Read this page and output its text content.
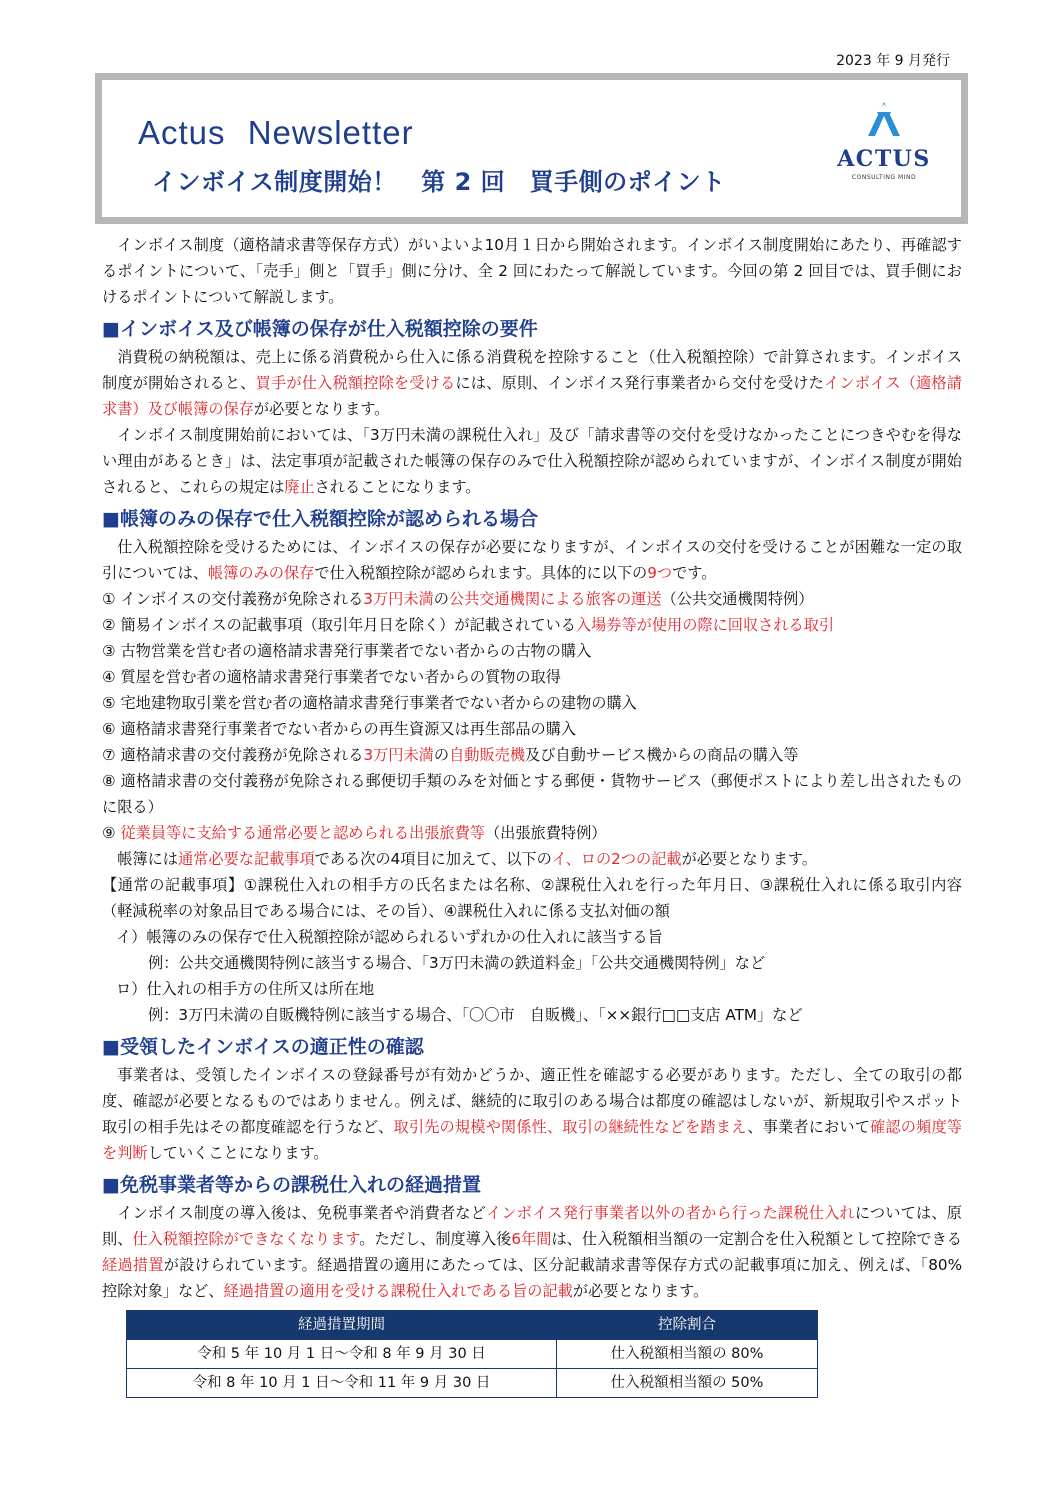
2023 年 9 月発行
Actus Newsletter
インボイス制度開始！　第 2 回　買手側のポイント
ACTUS
CONSULTING MIND

インボイス制度（適格請求書等保存方式）がいよいよ10月１日から開始されます。インボイス制度開始にあたり、再確認するポイントについて、「売手」側と「買手」側に分け、全 2 回にわたって解説しています。今回の第 2 回目では、買手側におけるポイントについて解説します。

■インボイス及び帳簿の保存が仕入税額控除の要件

消費税の納税額は、売上に係る消費税から仕入に係る消費税を控除すること（仕入税額控除）で計算されます。インボイス制度が開始されると、買手が仕入税額控除を受けるには、原則、インボイス発行事業者から交付を受けたインボイス（適格請求書）及び帳簿の保存が必要となります。

インボイス制度開始前においては、「3万円未満の課税仕入れ」及び「請求書等の交付を受けなかったことにつきやむを得ない理由があるとき」は、法定事項が記載された帳簿の保存のみで仕入税額控除が認められていますが、インボイス制度が開始されると、これらの規定は廃止されることになります。

■帳簿のみの保存で仕入税額控除が認められる場合

仕入税額控除を受けるためには、インボイスの保存が必要になりますが、インボイスの交付を受けることが困難な一定の取引については、帳簿のみの保存で仕入税額控除が認められます。具体的に以下の9つです。

① インボイスの交付義務が免除される3万円未満の公共交通機関による旅客の運送（公共交通機関特例）

② 簡易インボイスの記載事項（取引年月日を除く）が記載されている入場券等が使用の際に回収される取引

③ 古物営業を営む者の適格請求書発行事業者でない者からの古物の購入

④ 質屋を営む者の適格請求書発行事業者でない者からの質物の取得

⑤ 宅地建物取引業を営む者の適格請求書発行事業者でない者からの建物の購入

⑥ 適格請求書発行事業者でない者からの再生資源又は再生部品の購入

⑦ 適格請求書の交付義務が免除される3万円未満の自動販売機及び自動サービス機からの商品の購入等

⑧ 適格請求書の交付義務が免除される郵便切手類のみを対価とする郵便・貨物サービス（郵便ポストにより差し出されたものに限る）

⑨ 従業員等に支給する通常必要と認められる出張旅費等（出張旅費特例）

帳簿には通常必要な記載事項である次の4項目に加えて、以下のイ、ロの2つの記載が必要となります。

【通常の記載事項】①課税仕入れの相手方の氏名または名称、②課税仕入れを行った年月日、③課税仕入れに係る取引内容（軽減税率の対象品目である場合には、その旨）、④課税仕入れに係る支払対価の額

イ）帳簿のみの保存で仕入税額控除が認められるいずれかの仕入れに該当する旨

例：公共交通機関特例に該当する場合、「3万円未満の鉄道料金」「公共交通機関特例」など

ロ）仕入れの相手方の住所又は所在地

例：3万円未満の自販機特例に該当する場合、「〇〇市　自販機」、「××銀行□□支店 ATM」など

■受領したインボイスの適正性の確認

事業者は、受領したインボイスの登録番号が有効かどうか、適正性を確認する必要があります。ただし、全ての取引の都度、確認が必要となるものではありません。例えば、継続的に取引のある場合は都度の確認はしないが、新規取引やスポット取引の相手先はその都度確認を行うなど、取引先の規模や関係性、取引の継続性などを踏まえ、事業者において確認の頻度等を判断していくことになります。

■免税事業者等からの課税仕入れの経過措置

インボイス制度の導入後は、免税事業者や消費者などインボイス発行事業者以外の者から行った課税仕入れについては、原則、仕入税額控除ができなくなります。ただし、制度導入後6年間は、仕入税額相当額の一定割合を仕入税額として控除できる経過措置が設けられています。経過措置の適用にあたっては、区分記載請求書等保存方式の記載事項に加え、例えば、「80%控除対象」など、経過措置の適用を受ける課税仕入れである旨の記載が必要となります。

経過措置期間	控除割合
令和 5 年 10 月 1 日～令和 8 年 9 月 30 日	仕入税額相当額の 80%
令和 8 年 10 月 1 日～令和 11 年 9 月 30 日	仕入税額相当額の 50%
